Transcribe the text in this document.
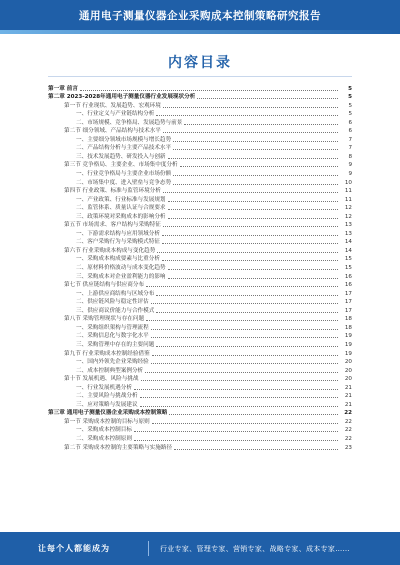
通用电子测量仪器企业采购成本控制策略研究报告
内容目录
第一章 前言	5
第二章 2023-2028年通用电子测量仪器行业发展现状分析	5
第一节 行业现状、发展趋势、宏观环境	5
一、行业定义与产业链结构分析	5
二、市场规模、竞争格局、发展趋势与前景	6
第二节 细分领域、产品结构与技术水平	6
一、主要细分领域市场规模与增长趋势	7
二、产品结构分析与主要产品技术水平	7
三、技术发展趋势、研发投入与创新	8
第三节 竞争格局、主要企业、市场集中度分析	9
一、行业竞争格局与主要企业市场份额	9
二、市场集中度、进入壁垒与竞争态势	10
第四节 行业政策、标准与监管环境分析	11
一、产业政策、行业标准与发展规划	11
二、监管体系、质量认证与合规要求	12
三、政策环境对采购成本的影响分析	12
第五节 市场需求、客户结构与采购特征	13
一、下游需求结构与应用领域分析	13
二、客户采购行为与采购模式特征	14
第六节 行业采购成本构成与变化趋势	14
一、采购成本构成要素与比重分析	15
二、原材料价格波动与成本变化趋势	15
三、采购成本对企业盈利能力的影响	16
第七节 供应链结构与供应商分布	16
一、上游供应商结构与区域分布	17
二、供应链风险与稳定性评估	17
三、供应商议价能力与合作模式	17
第八节 采购管理现状与存在问题	18
一、采购组织架构与管理流程	18
二、采购信息化与数字化水平	19
三、采购管理中存在的主要问题	19
第九节 行业采购成本控制经验借鉴	19
一、国内外领先企业采购经验	20
二、成本控制典型案例分析	20
第十节 发展机遇、风险与挑战	20
一、行业发展机遇分析	21
二、主要风险与挑战分析	21
三、应对策略与发展建议	21
第三章 通用电子测量仪器企业采购成本控制策略	22
第一节 采购成本控制的目标与原则	22
一、采购成本控制目标	22
二、采购成本控制原则	22
第二节 采购成本控制的主要策略与实施路径	23
让每个人都能成为	行业专家、管理专家、营销专家、战略专家、成本专家……
